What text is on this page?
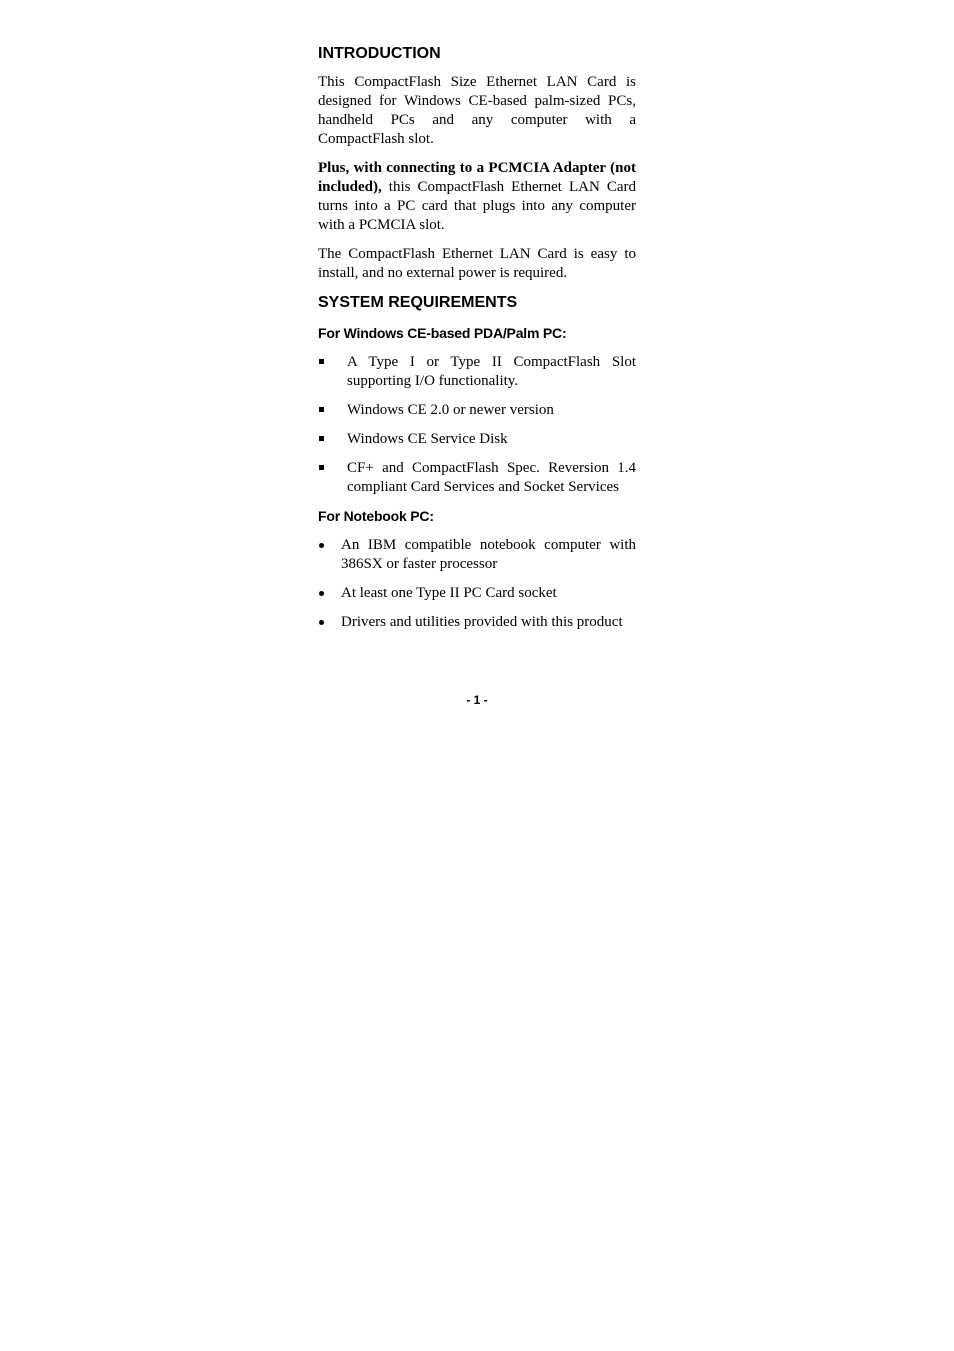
INTRODUCTION

This CompactFlash Size Ethernet LAN Card is designed for Windows CE-based palm-sized PCs, handheld PCs and any computer with a CompactFlash slot.

Plus, with connecting to a PCMCIA Adapter (not included), this CompactFlash Ethernet LAN Card turns into a PC card that plugs into any computer with a PCMCIA slot.

The CompactFlash Ethernet LAN Card is easy to install, and no external power is required.

SYSTEM REQUIREMENTS
For Windows CE-based PDA/Palm PC:
A Type I or Type II CompactFlash Slot supporting I/O functionality.
Windows CE 2.0 or newer version
Windows CE Service Disk
CF+ and CompactFlash Spec. Reversion 1.4 compliant Card Services and Socket Services
For Notebook PC:
An IBM compatible notebook computer with 386SX or faster processor
At least one Type II PC Card socket
Drivers and utilities provided with this product
- 1 -
